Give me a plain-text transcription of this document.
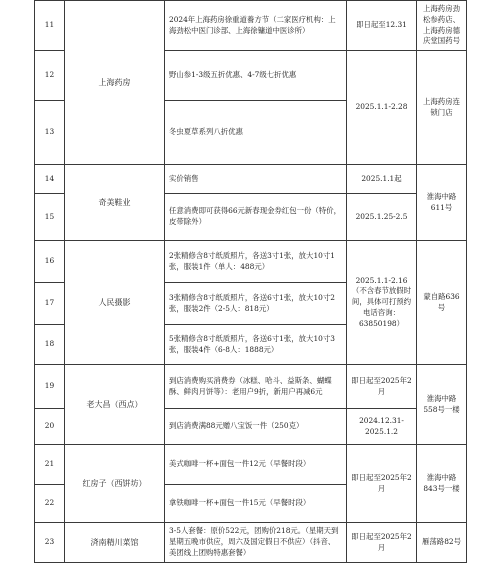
11	上海药房	2024年上海药房徐重道養方节（二家医疗机构：上海劲松中医门诊部、上海徐镛道中医诊所）	即日起至12.31	上海药房劲松参药店、上海药房德庆堂国药号
12		野山参1-3级五折优惠、4-7级七折优惠	2025.1.1-2.28	上海药房连锁门店
13		冬虫夏草系列八折优惠		
14	奇美鞋业	实价销售	2025.1.1起	淮海中路611号
15		任意消费即可获得66元新春现金券红包一份（特价，皮带除外）	2025.1.25-2.5	
16	人民摄影	2张精修含8寸纸质照片，各送3寸1张，放大10寸1张，服装1件（单人：488元）	2025.1.1-2.16（不含春节放假时间，具体可打预约电话咨询：63850198）	蒙自路636号
17		3张精修含8寸纸质照片，各送6寸1张，放大10寸2张，服装2件（2-5人：818元）		
18		5张精修含8寸纸质照片，各送6寸1张，放大10寸3张，服装4件（6-8人：1888元）		
19	老大昌（西点）	到店消费购买消费券（冰糕、哈斗、益斯条、蝴蝶酥、鲜肉月饼等）：老用户9折，新用户再减6元	即日起至2025年2月	淮海中路558号一楼
20		到店消费满88元赠八宝饭一件（250克）	2024.12.31-2025.1.2	
21	红房子（西饼坊）	美式咖啡一杯+面包一件12元（早餐时段）	即日起至2025年2月	淮海中路843号一楼
22		拿铁咖啡一杯+面包一件15元（早餐时段）		
23	済南精川菜馆	3-5人套餐：原价522元，团购价218元。（星期天到星期五晚市供应，周六及国定假日不供应）（抖音、美团线上团购特惠套餐）	即日起至2025年2月	雁荡路82号
